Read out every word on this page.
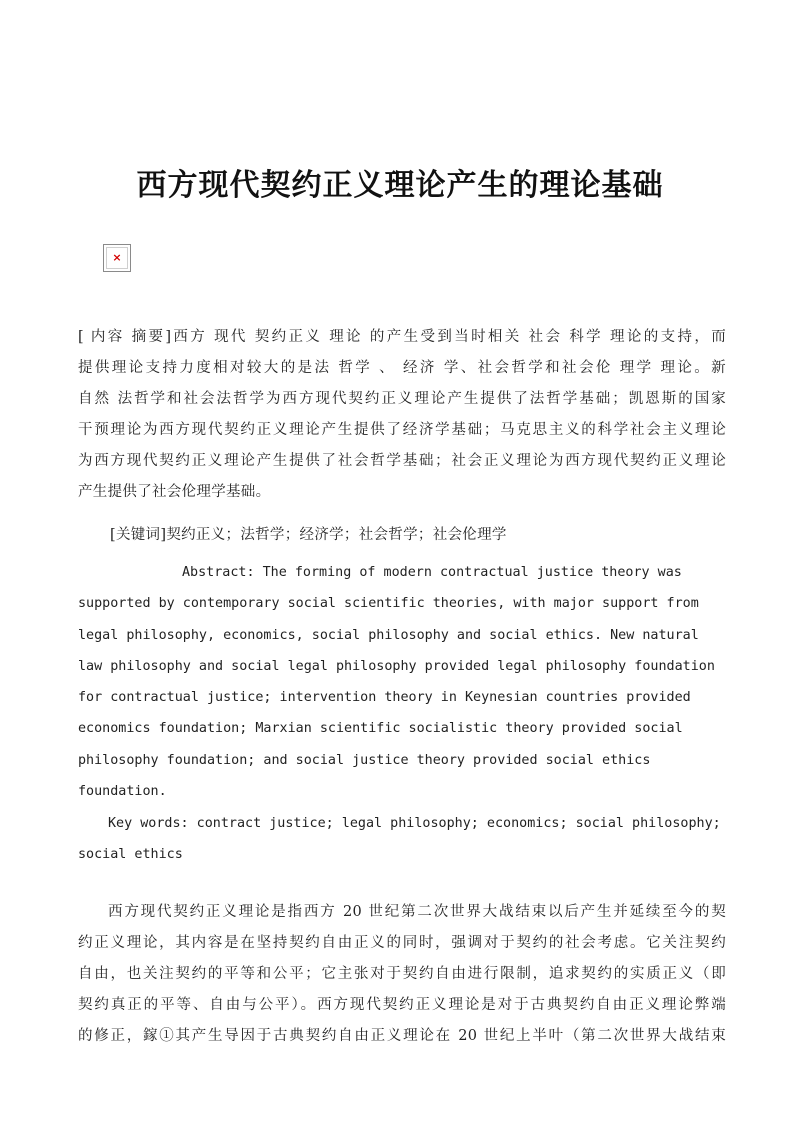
西方现代契约正义理论产生的理论基础
×
[ 内容 摘要]西方 现代 契约正义 理论 的产生受到当时相关 社会 科学 理论的支持，而
提供理论支持力度相对较大的是法 哲学 、 经济 学、社会哲学和社会伦 理学 理论。新
自然 法哲学和社会法哲学为西方现代契约正义理论产生提供了法哲学基础；凯恩斯的国家
干预理论为西方现代契约正义理论产生提供了经济学基础；马克思主义的科学社会主义理论
为西方现代契约正义理论产生提供了社会哲学基础；社会正义理论为西方现代契约正义理论
产生提供了社会伦理学基础。
[关键词]契约正义；法哲学；经济学；社会哲学；社会伦理学
Abstract: The forming of modern contractual justice theory was
supported by contemporary social scientific theories, with major support from
legal philosophy, economics, social philosophy and social ethics. New natural
law philosophy and social legal philosophy provided legal philosophy foundation
for contractual justice; intervention theory in Keynesian countries provided
economics foundation; Marxian scientific socialistic theory provided social
philosophy foundation; and social justice theory provided social ethics
foundation.
Key words: contract justice; legal philosophy; economics; social philosophy;
social ethics
西方现代契约正义理论是指西方 20 世纪第二次世界大战结束以后产生并延续至今的契
约正义理论，其内容是在坚持契约自由正义的同时，强调对于契约的社会考虑。它关注契约
自由，也关注契约的平等和公平；它主张对于契约自由进行限制，追求契约的实质正义（即
契约真正的平等、自由与公平）。西方现代契约正义理论是对于古典契约自由正义理论弊端
的修正，鎵①其产生导因于古典契约自由正义理论在 20 世纪上半叶（第二次世界大战结束
